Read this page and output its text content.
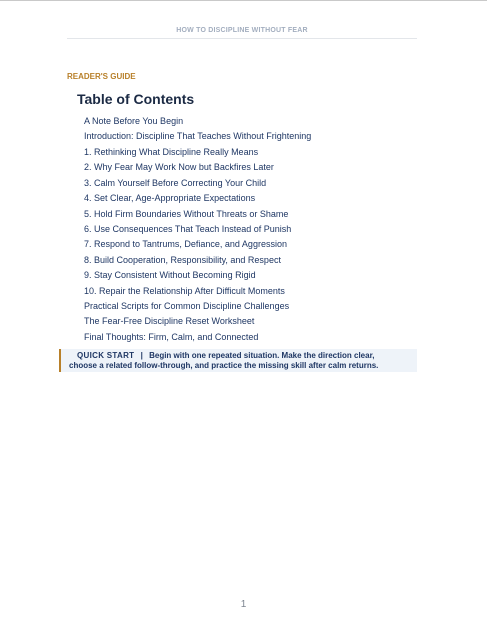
HOW TO DISCIPLINE WITHOUT FEAR
READER'S GUIDE
Table of Contents
A Note Before You Begin
Introduction: Discipline That Teaches Without Frightening
1. Rethinking What Discipline Really Means
2. Why Fear May Work Now but Backfires Later
3. Calm Yourself Before Correcting Your Child
4. Set Clear, Age-Appropriate Expectations
5. Hold Firm Boundaries Without Threats or Shame
6. Use Consequences That Teach Instead of Punish
7. Respond to Tantrums, Defiance, and Aggression
8. Build Cooperation, Responsibility, and Respect
9. Stay Consistent Without Becoming Rigid
10. Repair the Relationship After Difficult Moments
Practical Scripts for Common Discipline Challenges
The Fear-Free Discipline Reset Worksheet
Final Thoughts: Firm, Calm, and Connected
QUICK START | Begin with one repeated situation. Make the direction clear,
choose a related follow-through, and practice the missing skill after calm returns.
1
